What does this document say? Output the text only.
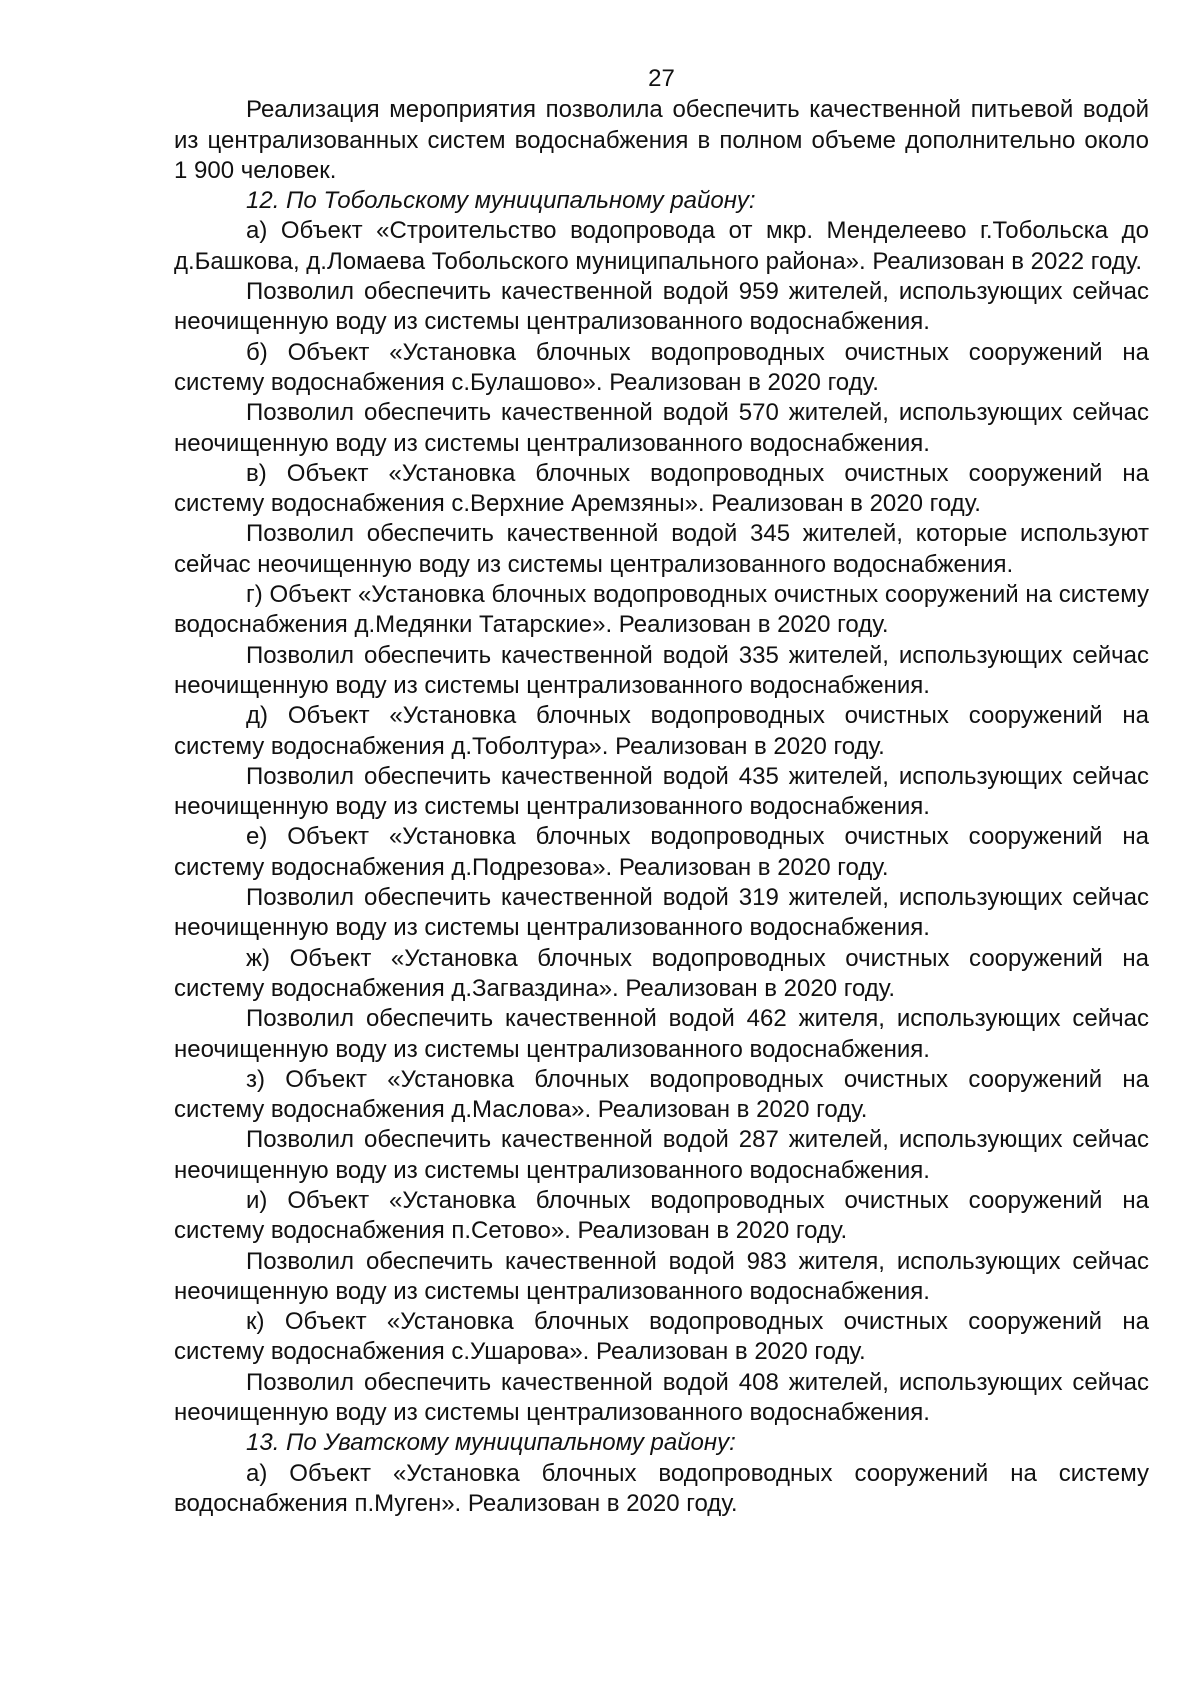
27

Реализация мероприятия позволила обеспечить качественной питьевой водой из централизованных систем водоснабжения в полном объеме дополнительно около 1 900 человек.

12. По Тобольскому муниципальному району:

а) Объект «Строительство водопровода от мкр. Менделеево г.Тобольска до д.Башкова, д.Ломаева Тобольского муниципального района». Реализован в 2022 году.

Позволил обеспечить качественной водой 959 жителей, использующих сейчас неочищенную воду из системы централизованного водоснабжения.

б) Объект «Установка блочных водопроводных очистных сооружений на систему водоснабжения с.Булашово». Реализован в 2020 году.

Позволил обеспечить качественной водой 570 жителей, использующих сейчас неочищенную воду из системы централизованного водоснабжения.

в) Объект «Установка блочных водопроводных очистных сооружений на систему водоснабжения с.Верхние Аремзяны». Реализован в 2020 году.

Позволил обеспечить качественной водой 345 жителей, которые используют сейчас неочищенную воду из системы централизованного водоснабжения.

г) Объект «Установка блочных водопроводных очистных сооружений на систему водоснабжения д.Медянки Татарские». Реализован в 2020 году.

Позволил обеспечить качественной водой 335 жителей, использующих сейчас неочищенную воду из системы централизованного водоснабжения.

д) Объект «Установка блочных водопроводных очистных сооружений на систему водоснабжения д.Тоболтура». Реализован в 2020 году.

Позволил обеспечить качественной водой 435 жителей, использующих сейчас неочищенную воду из системы централизованного водоснабжения.

е) Объект «Установка блочных водопроводных очистных сооружений на систему водоснабжения д.Подрезова». Реализован в 2020 году.

Позволил обеспечить качественной водой 319 жителей, использующих сейчас неочищенную воду из системы централизованного водоснабжения.

ж) Объект «Установка блочных водопроводных очистных сооружений на систему водоснабжения д.Загваздина». Реализован в 2020 году.

Позволил обеспечить качественной водой 462 жителя, использующих сейчас неочищенную воду из системы централизованного водоснабжения.

з) Объект «Установка блочных водопроводных очистных сооружений на систему водоснабжения д.Маслова». Реализован в 2020 году.

Позволил обеспечить качественной водой 287 жителей, использующих сейчас неочищенную воду из системы централизованного водоснабжения.

и) Объект «Установка блочных водопроводных очистных сооружений на систему водоснабжения п.Сетово». Реализован в 2020 году.

Позволил обеспечить качественной водой 983 жителя, использующих сейчас неочищенную воду из системы централизованного водоснабжения.

к) Объект «Установка блочных водопроводных очистных сооружений на систему водоснабжения с.Ушарова». Реализован в 2020 году.

Позволил обеспечить качественной водой 408 жителей, использующих сейчас неочищенную воду из системы централизованного водоснабжения.

13. По Уватскому муниципальному району:

а) Объект «Установка блочных водопроводных сооружений на систему водоснабжения п.Муген». Реализован в 2020 году.
